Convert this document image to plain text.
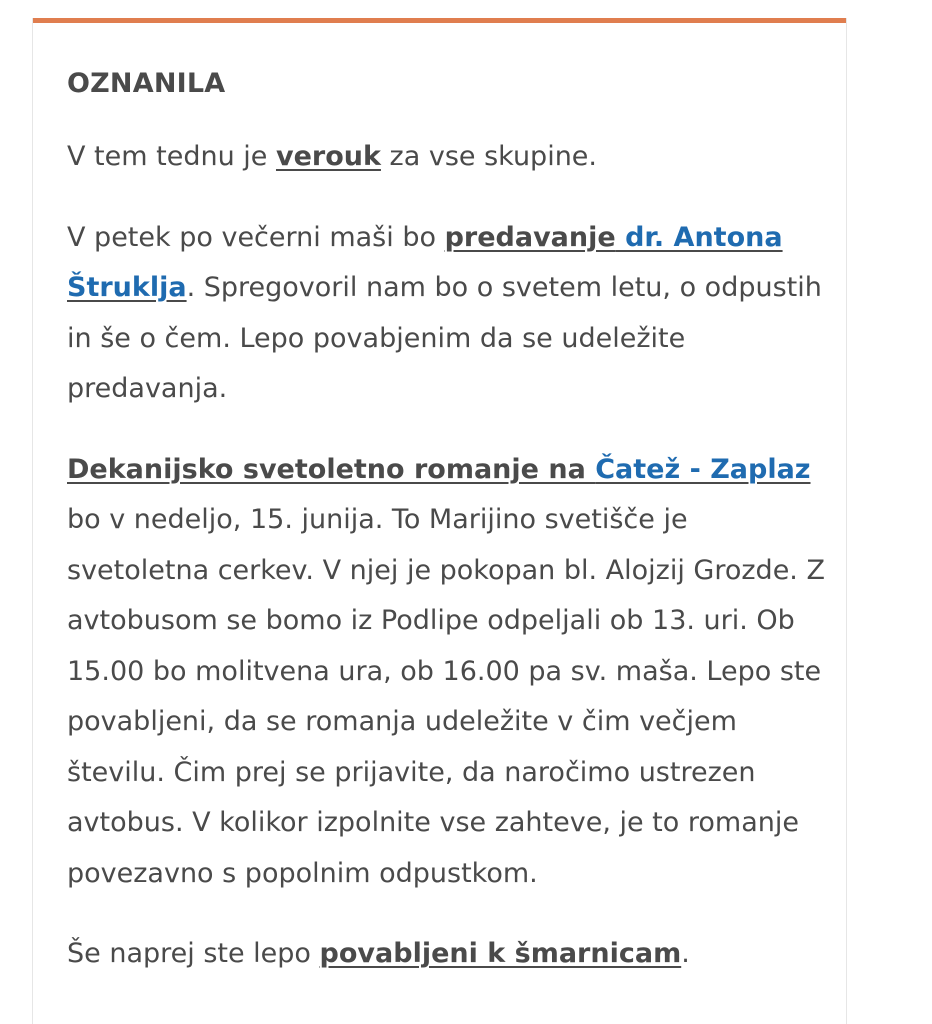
OZNANILA

V tem tednu je verouk za vse skupine.

V petek po večerni maši bo predavanje dr. Antona Štruklja. Spregovoril nam bo o svetem letu, o odpustih in še o čem. Lepo povabjenim da se udeležite predavanja.

Dekanijsko svetoletno romanje na Čatež - Zaplaz bo v nedeljo, 15. junija. To Marijino svetišče je svetoletna cerkev. V njej je pokopan bl. Alojzij Grozde. Z avtobusom se bomo iz Podlipe odpeljali ob 13. uri. Ob 15.00 bo molitvena ura, ob 16.00 pa sv. maša. Lepo ste povabljeni, da se romanja udeležite v čim večjem številu. Čim prej se prijavite, da naročimo ustrezen avtobus. V kolikor izpolnite vse zahteve, je to romanje povezavno s popolnim odpustkom.

Še naprej ste lepo povabljeni k šmarnicam.
